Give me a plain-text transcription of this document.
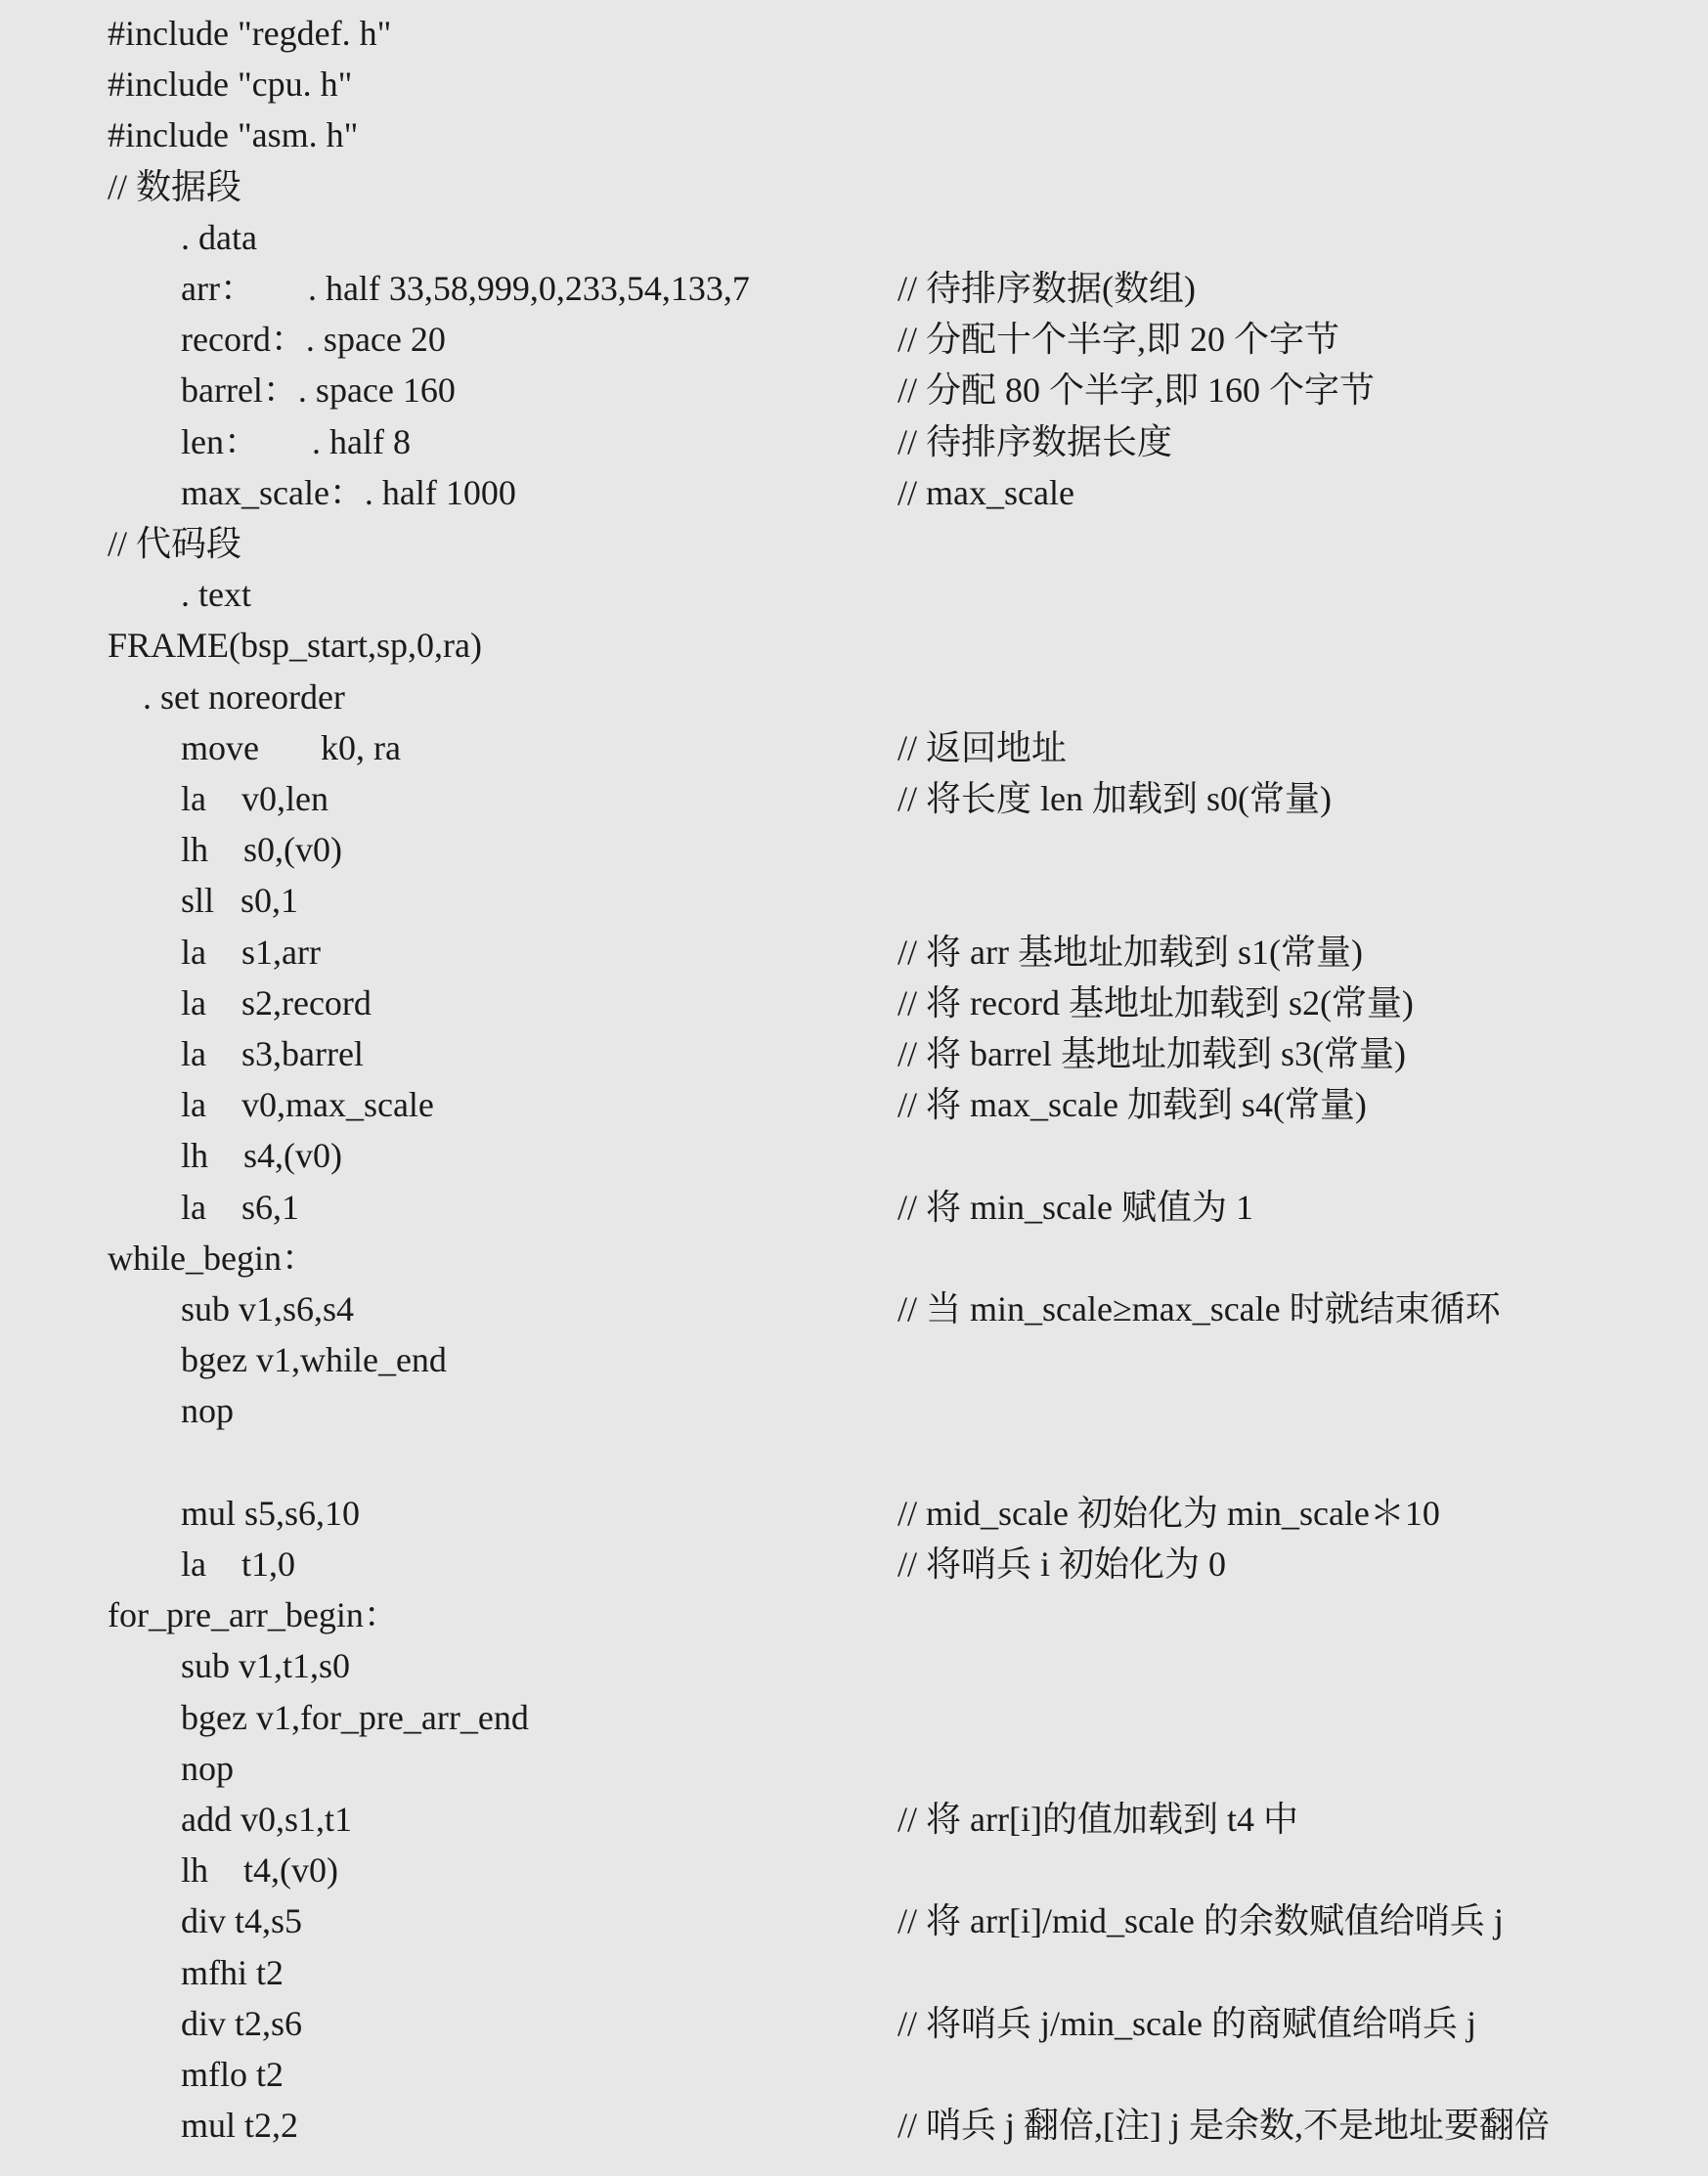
#include "regdef. h"
#include "cpu. h"
#include "asm. h"
// 数据段
. data
arr：      . half 33,58,999,0,233,54,133,7	// 待排序数据(数组)
record：. space 20	// 分配十个半字,即 20 个字节
barrel：. space 160	// 分配 80 个半字,即 160 个字节
len：      . half 8	// 待排序数据长度
max_scale：. half 1000	// max_scale
// 代码段
. text
FRAME(bsp_start,sp,0,ra)
. set noreorder
move       k0, ra	// 返回地址
la    v0,len	// 将长度 len 加载到 s0(常量)
lh    s0,(v0)
sll   s0,1
la    s1,arr	// 将 arr 基地址加载到 s1(常量)
la    s2,record	// 将 record 基地址加载到 s2(常量)
la    s3,barrel	// 将 barrel 基地址加载到 s3(常量)
la    v0,max_scale	// 将 max_scale 加载到 s4(常量)
lh    s4,(v0)
la    s6,1	// 将 min_scale 赋值为 1
while_begin：
sub v1,s6,s4	// 当 min_scale≥max_scale 时就结束循环
bgez v1,while_end
nop
mul s5,s6,10	// mid_scale 初始化为 min_scale＊10
la    t1,0	// 将哨兵 i 初始化为 0
for_pre_arr_begin：
sub v1,t1,s0
bgez v1,for_pre_arr_end
nop
add v0,s1,t1	// 将 arr[i]的值加载到 t4 中
lh    t4,(v0)
div t4,s5	// 将 arr[i]/mid_scale 的余数赋值给哨兵 j
mfhi t2
div t2,s6	// 将哨兵 j/min_scale 的商赋值给哨兵 j
mflo t2
mul t2,2	// 哨兵 j 翻倍,[注] j 是余数,不是地址要翻倍
